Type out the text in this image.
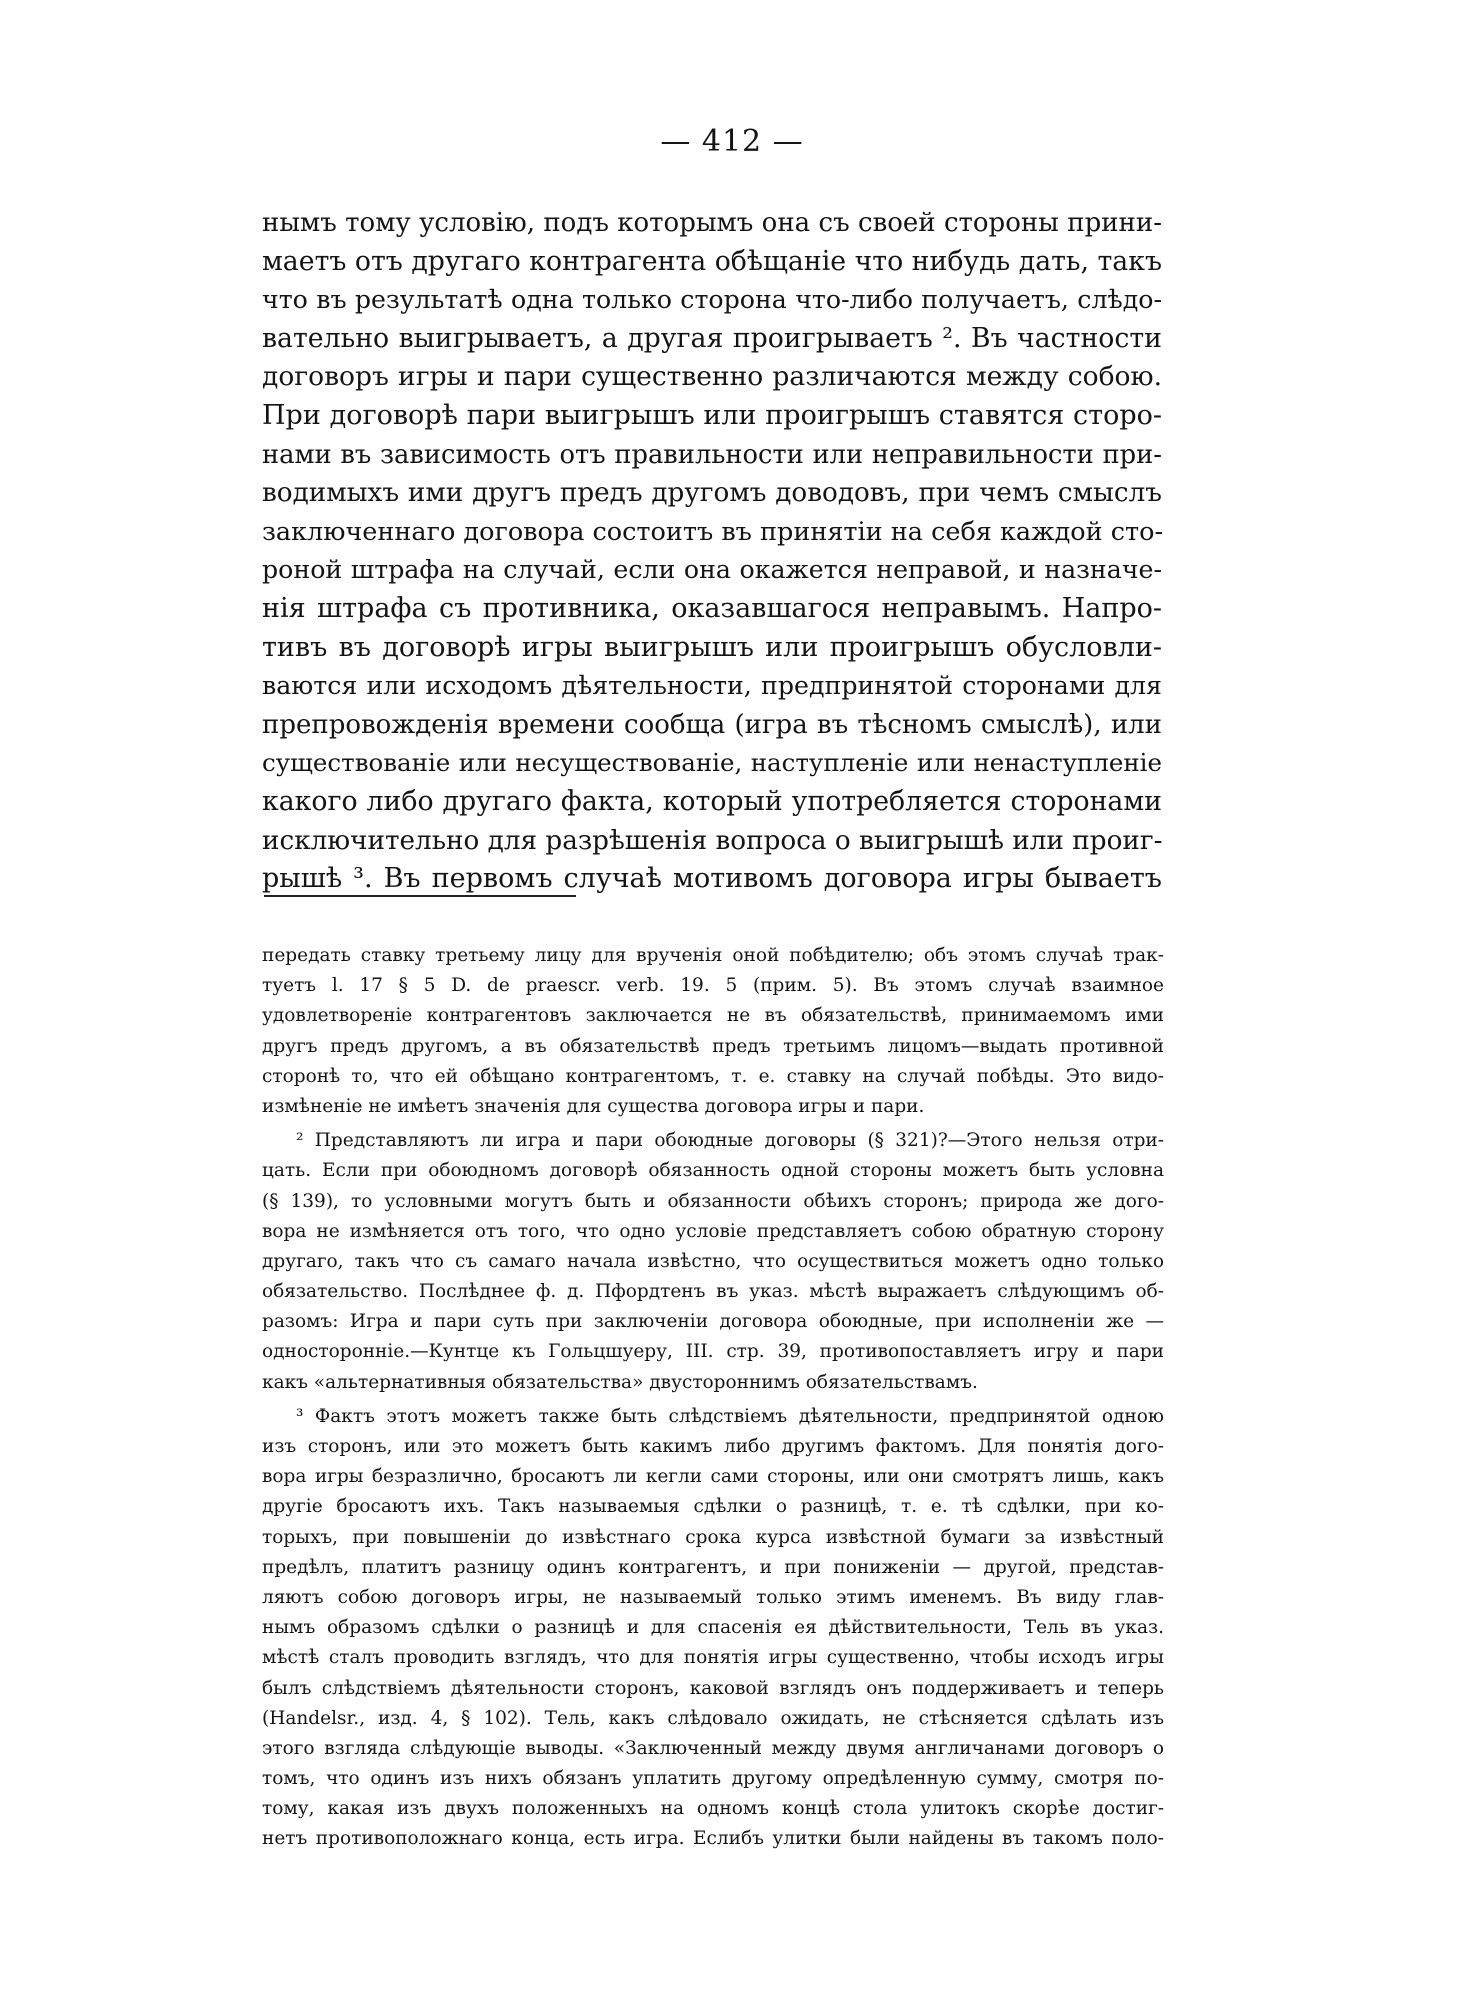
— 412 —
нымъ тому условію, подъ которымъ она съ своей стороны прини-
маетъ отъ другаго контрагента обѣщаніе что нибудь дать, такъ
что въ результатѣ одна только сторона что-либо получаетъ, слѣдо-
вательно выигрываетъ, а другая проигрываетъ ². Въ частности
договоръ игры и пари существенно различаются между собою.
При договорѣ пари выигрышъ или проигрышъ ставятся сторо-
нами въ зависимость отъ правильности или неправильности при-
водимыхъ ими другъ предъ другомъ доводовъ, при чемъ смыслъ
заключеннаго договора состоитъ въ принятіи на себя каждой сто-
роной штрафа на случай, если она окажется неправой, и назначе-
нія штрафа съ противника, оказавшагося неправымъ. Напро-
тивъ въ договорѣ игры выигрышъ или проигрышъ обусловли-
ваются или исходомъ дѣятельности, предпринятой сторонами для
препровожденія времени сообща (игра въ тѣсномъ смыслѣ), или
существованіе или несуществованіе, наступленіе или ненаступленіе
какого либо другаго факта, который употребляется сторонами
исключительно для разрѣшенія вопроса о выигрышѣ или проиг-
рышѣ ³. Въ первомъ случаѣ мотивомъ договора игры бываетъ
передать ставку третьему лицу для врученія оной побѣдителю; объ этомъ случаѣ трак-
туетъ l. 17 § 5 D. de praescr. verb. 19. 5 (прим. 5). Въ этомъ случаѣ взаимное
удовлетвореніе контрагентовъ заключается не въ обязательствѣ, принимаемомъ ими
другъ предъ другомъ, а въ обязательствѣ предъ третьимъ лицомъ—выдать противной
сторонѣ то, что ей обѣщано контрагентомъ, т. е. ставку на случай побѣды. Это видо-
измѣненіе не имѣетъ значенія для существа договора игры и пари.
² Представляютъ ли игра и пари обоюдные договоры (§ 321)?—Этого нельзя отри-
цать. Если при обоюдномъ договорѣ обязанность одной стороны можетъ быть условна
(§ 139), то условными могутъ быть и обязанности обѣихъ сторонъ; природа же дого-
вора не измѣняется отъ того, что одно условіе представляетъ собою обратную сторону
другаго, такъ что съ самаго начала извѣстно, что осуществиться можетъ одно только
обязательство. Послѣднее ф. д. Пфордтенъ въ указ. мѣстѣ выражаетъ слѣдующимъ об-
разомъ: Игра и пари суть при заключеніи договора обоюдные, при исполненіи же —
односторонніе.—Кунтце къ Гольцшуеру, III. стр. 39, противопоставляетъ игру и пари
какъ «альтернативныя обязательства» двустороннимъ обязательствамъ.
³ Фактъ этотъ можетъ также быть слѣдствіемъ дѣятельности, предпринятой одною
изъ сторонъ, или это можетъ быть какимъ либо другимъ фактомъ. Для понятія дого-
вора игры безразлично, бросаютъ ли кегли сами стороны, или они смотрятъ лишь, какъ
другіе бросаютъ ихъ. Такъ называемыя сдѣлки о разницѣ, т. е. тѣ сдѣлки, при ко-
торыхъ, при повышеніи до извѣстнаго срока курса извѣстной бумаги за извѣстный
предѣлъ, платитъ разницу одинъ контрагентъ, и при пониженіи — другой, представ-
ляютъ собою договоръ игры, не называемый только этимъ именемъ. Въ виду глав-
нымъ образомъ сдѣлки о разницѣ и для спасенія ея дѣйствительности, Тель въ указ.
мѣстѣ сталъ проводить взглядъ, что для понятія игры существенно, чтобы исходъ игры
былъ слѣдствіемъ дѣятельности сторонъ, каковой взглядъ онъ поддерживаетъ и теперь
(Handelsr., изд. 4, § 102). Тель, какъ слѣдовало ожидать, не стѣсняется сдѣлать изъ
этого взгляда слѣдующіе выводы. «Заключенный между двумя англичанами договоръ о
томъ, что одинъ изъ нихъ обязанъ уплатить другому опредѣленную сумму, смотря по-
тому, какая изъ двухъ положенныхъ на одномъ концѣ стола улитокъ скорѣе достиг-
нетъ противоположнаго конца, есть игра. Еслибъ улитки были найдены въ такомъ поло-
